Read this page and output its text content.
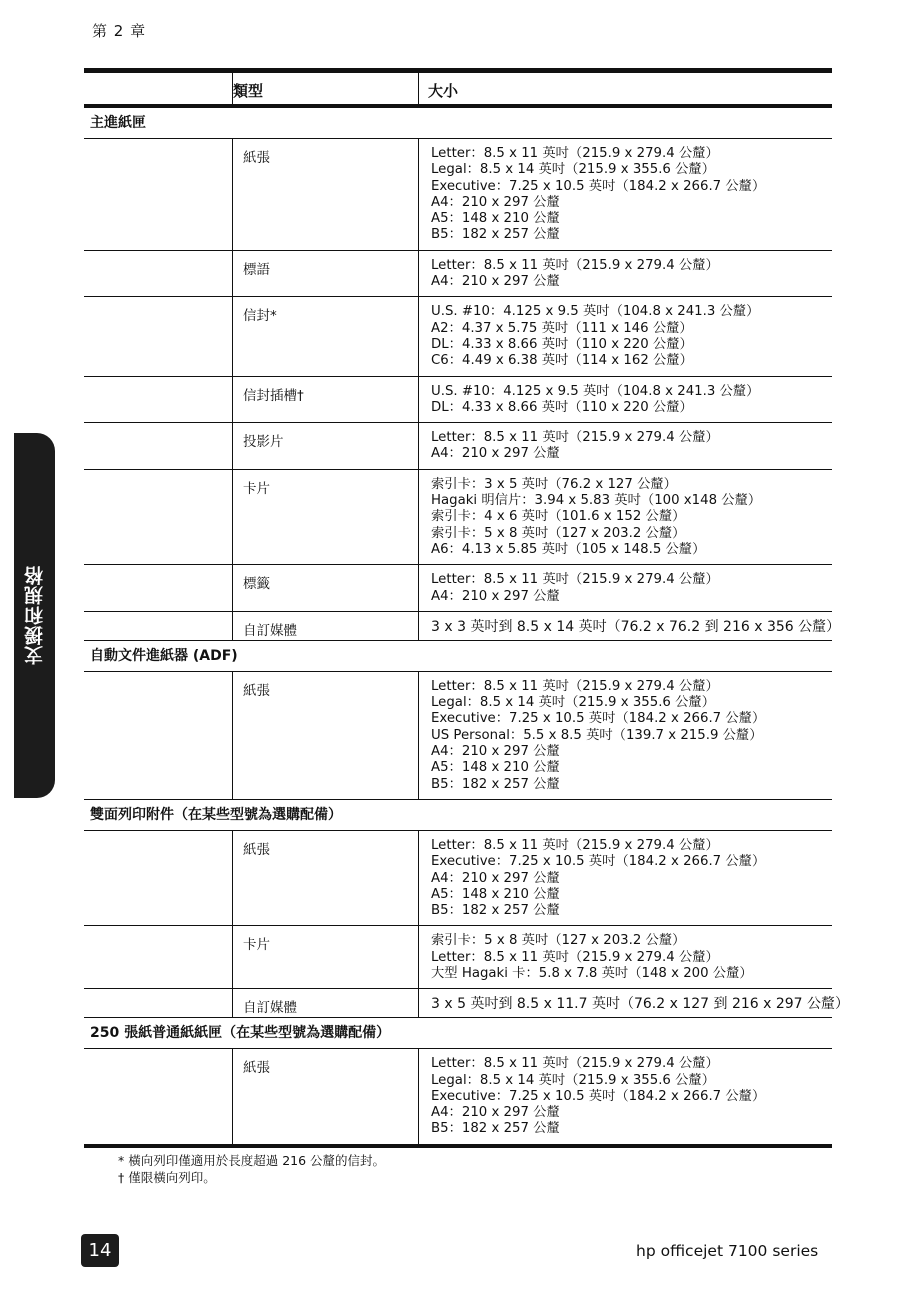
第 2 章
支援和規格
類型	大小
主進紙匣
紙張	Letter：8.5 x 11 英吋（215.9 x 279.4 公釐）
Legal：8.5 x 14 英吋（215.9 x 355.6 公釐）
Executive：7.25 x 10.5 英吋（184.2 x 266.7 公釐）
A4：210 x 297 公釐
A5：148 x 210 公釐
B5：182 x 257 公釐
標語	Letter：8.5 x 11 英吋（215.9 x 279.4 公釐）
A4：210 x 297 公釐
信封*	U.S. #10：4.125 x 9.5 英吋（104.8 x 241.3 公釐）
A2：4.37 x 5.75 英吋（111 x 146 公釐）
DL：4.33 x 8.66 英吋（110 x 220 公釐）
C6：4.49 x 6.38 英吋（114 x 162 公釐）
信封插槽†	U.S. #10：4.125 x 9.5 英吋（104.8 x 241.3 公釐）
DL：4.33 x 8.66 英吋（110 x 220 公釐）
投影片	Letter：8.5 x 11 英吋（215.9 x 279.4 公釐）
A4：210 x 297 公釐
卡片	索引卡：3 x 5 英吋（76.2 x 127 公釐）
Hagaki 明信片：3.94 x 5.83 英吋（100 x148 公釐）
索引卡：4 x 6 英吋（101.6 x 152 公釐）
索引卡：5 x 8 英吋（127 x 203.2 公釐）
A6：4.13 x 5.85 英吋（105 x 148.5 公釐）
標籤	Letter：8.5 x 11 英吋（215.9 x 279.4 公釐）
A4：210 x 297 公釐
自訂媒體	3 x 3 英吋到 8.5 x 14 英吋（76.2 x 76.2 到 216 x 356 公釐）
自動文件進紙器 (ADF)
紙張	Letter：8.5 x 11 英吋（215.9 x 279.4 公釐）
Legal：8.5 x 14 英吋（215.9 x 355.6 公釐）
Executive：7.25 x 10.5 英吋（184.2 x 266.7 公釐）
US Personal：5.5 x 8.5 英吋（139.7 x 215.9 公釐）
A4：210 x 297 公釐
A5：148 x 210 公釐
B5：182 x 257 公釐
雙面列印附件（在某些型號為選購配備）
紙張	Letter：8.5 x 11 英吋（215.9 x 279.4 公釐）
Executive：7.25 x 10.5 英吋（184.2 x 266.7 公釐）
A4：210 x 297 公釐
A5：148 x 210 公釐
B5：182 x 257 公釐
卡片	索引卡：5 x 8 英吋（127 x 203.2 公釐）
Letter：8.5 x 11 英吋（215.9 x 279.4 公釐）
大型 Hagaki 卡：5.8 x 7.8 英吋（148 x 200 公釐）
自訂媒體	3 x 5 英吋到 8.5 x 11.7 英吋（76.2 x 127 到 216 x 297 公釐）
250 張紙普通紙紙匣（在某些型號為選購配備）
紙張	Letter：8.5 x 11 英吋（215.9 x 279.4 公釐）
Legal：8.5 x 14 英吋（215.9 x 355.6 公釐）
Executive：7.25 x 10.5 英吋（184.2 x 266.7 公釐）
A4：210 x 297 公釐
B5：182 x 257 公釐
* 橫向列印僅適用於長度超過 216 公釐的信封。
† 僅限橫向列印。
14	hp officejet 7100 series
